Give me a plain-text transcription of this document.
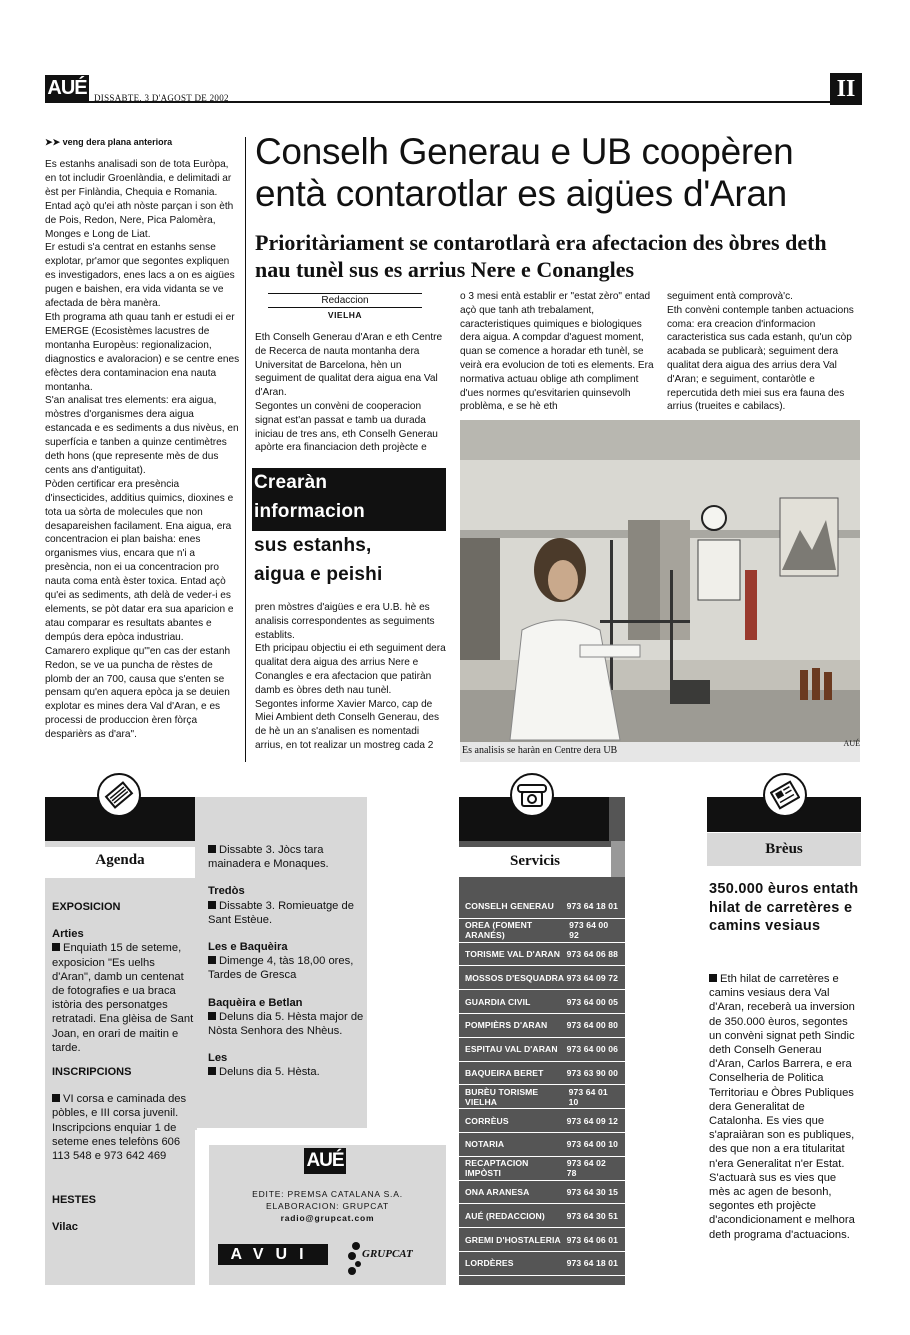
AUÉ DISSABTE, 3 D'AGOST DE 2002	II
➤➤ veng dera plana anteriora

Es estanhs analisadi son de tota Euròpa, en tot includir Groenlàndia, e delimitadi ar èst per Finlàndia, Chequia e Romania. Entad açò qu'ei ath nòste parçan i son èth de Pois, Redon, Nere, Pica Palomèra, Monges e Long de Liat.

Er estudi s'a centrat en estanhs sense explotar, pr'amor que segontes expliquen es investigadors, enes lacs a on es aigües pugen e baishen, era vida vidanta se ve afectada de bèra manèra.

Eth programa ath quau tanh er estudi ei er EMERGE (Ecosistèmes lacustres de montanha Europèus: regionalizacion, diagnostics e avaloracion) e se centre enes efèctes dera contaminacion ena nauta montanha.

S'an analisat tres elements: era aigua, mòstres d'organismes dera aigua estancada e es sediments a dus nivèus, en superfícia e tanben a quinze centimètres deth hons (que represente mès de dus cents ans d'antiguitat).

Pòden certificar era presència d'insecticides, additius quimics, dioxines e tota ua sòrta de molecules que non desapareishen facilament. Ena aigua, era concentracion ei plan baisha: enes organismes vius, encara que n'i a presència, non ei ua concentracion pro nauta coma entà èster toxica. Entad açò qu'ei as sediments, ath delà de veder-i es elements, se pòt datar era sua aparicion e atau comparar es resultats abantes e dempús dera epòca industriau.

Camarero explique qu'"en cas der estanh Redon, se ve ua puncha de rèstes de plomb der an 700, causa que s'enten se pensam qu'en aquera epòca ja se deuien explotar es mines dera Val d'Aran, e es processi de produccion èren fòrça desparièrs as d'ara".

Conselh Generau e UB coopèren entà contarotlar es aigües d'Aran
Prioritàriament se contarotlarà era afectacion des òbres deth nau tunèl sus es arrius Nere e Conangles
Redaccion
VIELHA
Eth Conselh Generau d'Aran e eth Centre de Recerca de nauta montanha dera Universitat de Barcelona, hèn un seguiment de qualitat dera aigua ena Val d'Aran.
Segontes un convèni de cooperacion signat est'an passat e tamb ua durada iniciau de tres ans, eth Conselh Generau apòrte era financiacion deth projècte e
Crearàn
informacion
sus estanhs,
aigua e peishi
pren mòstres d'aigües e era U.B. hè es analisis correspondentes as seguiments establits.
Eth pricipau objectiu ei eth seguiment dera qualitat dera aigua des arrius Nere e Conangles e era afectacion que patiràn damb es òbres deth nau tunèl.
Segontes informe Xavier Marco, cap de Miei Ambient deth Conselh Generau, des de hè un an s'analisen es nomentadi arrius, en tot realizar un mostreg cada 2
o 3 mesi entà establir er "estat zèro" entad açò que tanh ath trebalament, caracteristiques quimiques e biologiques dera aigua. A compdar d'aguest moment, quan se comence a horadar eth tunèl, se veirà era evolucion de toti es elements. Era normativa actuau oblige ath compliment d'ues normes qu'esvitarien quinsevolh problèma, e se hè eth
seguiment entà comprovà'c.
Eth convèni contemple tanben actuacions coma: era creacion d'informacion caracteristica sus cada estanh, qu'un còp acabada se publicarà; seguiment dera qualitat dera aigua des arrius dera Val d'Aran; e seguiment, contaròtle e repercutida deth miei sus era fauna des arrius (trueites e cabilacs).
Es analisis se haràn en Centre dera UB
AUÉ
Agenda
EXPOSICION
Arties
Enquiath 15 de seteme, exposicion "Es uelhs d'Aran", damb un centenat de fotografies e ua braca istòria des personatges retratadi. Ena glèisa de Sant Joan, en orari de maitin e tarde.
INSCRIPCIONS
VI corsa e caminada des pòbles, e III corsa juvenil. Inscripcions enquiar 1 de seteme enes telefòns 606 113 548 e 973 642 469
HESTES
Vilac
Dissabte 3. Jòcs tara mainadera e Monaques.
Tredòs
Dissabte 3. Romieuatge de Sant Estèue.
Les e Baquèira
Dimenge 4, tàs 18,00 ores, Tardes de Gresca
Baquèira e Betlan
Deluns dia 5. Hèsta major de Nòsta Senhora des Nhèus.
Les
Deluns dia 5. Hèsta.
AUÉ
EDITE: PREMSA CATALANA S.A.
ELABORACION: GRUPCAT
radio@grupcat.com
AVUI	GRUPCAT
Servicis
CONSELH GENERAU 973 64 18 01
OREA (FOMENT ARANÉS)
973 64 00 92
TORISME VAL D'ARAN 973 64 06 88
MOSSOS D'ESQUADRA 973 64 09 72
GUARDIA CIVIL	973 64 00 05
POMPIÈRS D'ARAN 973 64 00 80
ESPITAU VAL D'ARAN 973 64 00 06
BAQUEIRA BERET	973 63 90 00
BURÈU TORISME VIELHA
973 64 01 10
CORRÈUS	973 64 09 12
NOTARIA	973 64 00 10
RECAPTACION IMPÒSTI
973 64 02 78
ONA ARANESA	973 64 30 15
AUÉ (REDACCION)	973 64 30 51
GREMI D'HOSTALERIA 973 64 06 01
LORDÈRES	973 64 18 01
Brèus
350.000 èuros entath hilat de carretères e camins vesiaus
Eth hilat de carretères e camins vesiaus dera Val d'Aran, receberà ua inversion de 350.000 èuros, segontes un convèni signat peth Sindic deth Conselh Generau d'Aran, Carlos Barrera, e era Conselheria de Politica Territoriau e Òbres Publiques dera Generalitat de Catalonha. Es vies que s'apraiàran son es publiques, des que non a era titularitat n'era Generalitat n'er Estat. S'actuarà sus es vies que mès ac agen de besonh, segontes eth projècte d'acondicionament e melhora deth programa d'actuacions.
